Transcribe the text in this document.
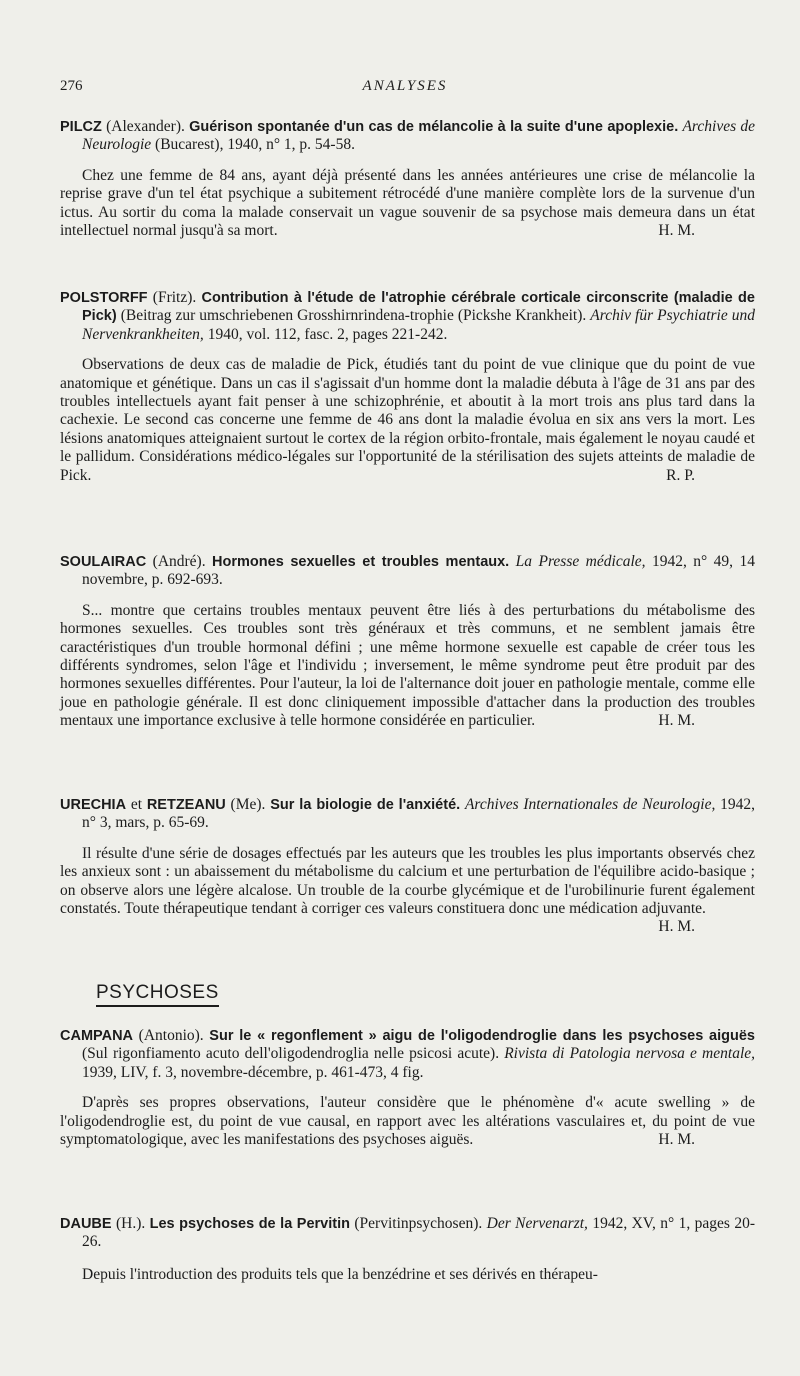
276	ANALYSES
PILCZ (Alexander). Guérison spontanée d'un cas de mélancolie à la suite d'une apoplexie. Archives de Neurologie (Bucarest), 1940, n° 1, p. 54-58.
Chez une femme de 84 ans, ayant déjà présenté dans les années antérieures une crise de mélancolie la reprise grave d'un tel état psychique a subitement rétrocédé d'une manière complète lors de la survenue d'un ictus. Au sortir du coma la malade conservait un vague souvenir de sa psychose mais demeura dans un état intellectuel normal jusqu'à sa mort.	H. M.
POLSTORFF (Fritz). Contribution à l'étude de l'atrophie cérébrale corticale circonscrite (maladie de Pick) (Beitrag zur umschriebenen Grosshirnrindena-trophie (Pickshe Krankheit). Archiv für Psychiatrie und Nervenkrankheiten, 1940, vol. 112, fasc. 2, pages 221-242.
Observations de deux cas de maladie de Pick, étudiés tant du point de vue clinique que du point de vue anatomique et génétique. Dans un cas il s'agissait d'un homme dont la maladie débuta à l'âge de 31 ans par des troubles intellectuels ayant fait penser à une schizophrénie, et aboutit à la mort trois ans plus tard dans la cachexie. Le second cas concerne une femme de 46 ans dont la maladie évolua en six ans vers la mort. Les lésions anatomiques atteignaient surtout le cortex de la région orbito-frontale, mais également le noyau caudé et le pallidum. Considérations médico-légales sur l'opportunité de la stérilisation des sujets atteints de maladie de Pick.	R. P.
SOULAIRAC (André). Hormones sexuelles et troubles mentaux. La Presse médicale, 1942, n° 49, 14 novembre, p. 692-693.
S... montre que certains troubles mentaux peuvent être liés à des perturbations du métabolisme des hormones sexuelles. Ces troubles sont très généraux et très communs, et ne semblent jamais être caractéristiques d'un trouble hormonal défini ; une même hormone sexuelle est capable de créer tous les différents syndromes, selon l'âge et l'individu ; inversement, le même syndrome peut être produit par des hormones sexuelles différentes. Pour l'auteur, la loi de l'alternance doit jouer en pathologie mentale, comme elle joue en pathologie générale. Il est donc cliniquement impossible d'attacher dans la production des troubles mentaux une importance exclusive à telle hormone considérée en particulier.	H. M.
URECHIA et RETZEANU (Me). Sur la biologie de l'anxiété. Archives Internationales de Neurologie, 1942, n° 3, mars, p. 65-69.
Il résulte d'une série de dosages effectués par les auteurs que les troubles les plus importants observés chez les anxieux sont : un abaissement du métabolisme du calcium et une perturbation de l'équilibre acido-basique ; on observe alors une légère alcalose. Un trouble de la courbe glycémique et de l'urobilinurie furent également constatés. Toute thérapeutique tendant à corriger ces valeurs constituera donc une médication adjuvante.
H. M.
PSYCHOSES
CAMPANA (Antonio). Sur le « regonflement » aigu de l'oligodendroglie dans les psychoses aiguës (Sul rigonfiamento acuto dell'oligodendroglia nelle psicosi acute). Rivista di Patologia nervosa e mentale, 1939, LIV, f. 3, novembre-décembre, p. 461-473, 4 fig.
D'après ses propres observations, l'auteur considère que le phénomène d'« acute swelling » de l'oligodendroglie est, du point de vue causal, en rapport avec les altérations vasculaires et, du point de vue symptomatologique, avec les manifestations des psychoses aiguës.	H. M.
DAUBE (H.). Les psychoses de la Pervitin (Pervitinpsychosen). Der Nervenarzt, 1942, XV, n° 1, pages 20-26.
Depuis l'introduction des produits tels que la benzédrine et ses dérivés en thérapeu-
